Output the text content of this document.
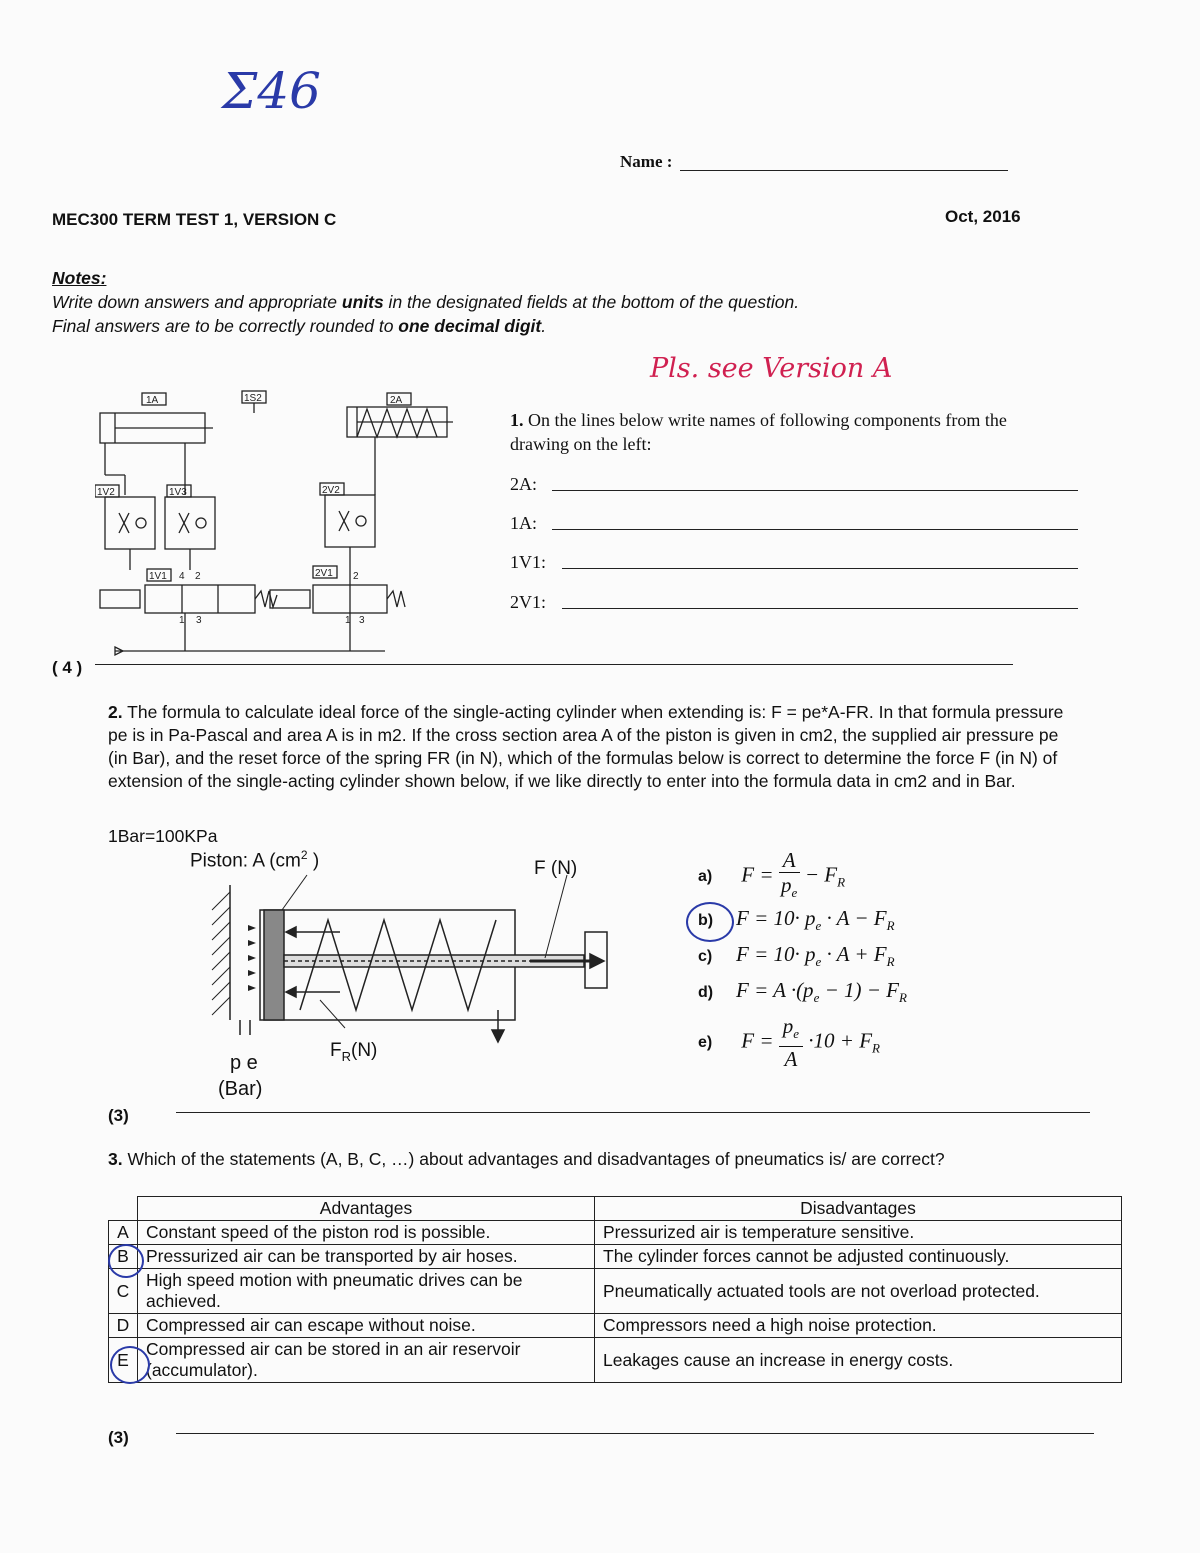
Σ46
Pls. see Version A
Name :
MEC300 TERM TEST 1, VERSION C	Oct, 2016
Notes:
Write down answers and appropriate units in the designated fields at the bottom of the question.
Final answers are to be correctly rounded to one decimal digit.
1A	1S2	2A
1V2	1V3	2V2
1V1	2V1
4 2	2
1 3	1 3
1. On the lines below write names of following components from the drawing on the left:
2A:
1A:
1V1:
2V1:
( 4 )
2. The formula to calculate ideal force of the single-acting cylinder when extending is: F = pe*A-FR. In that formula pressure pe is in Pa-Pascal and area A is in m2. If the cross section area A of the piston is given in cm2, the supplied air pressure pe (in Bar), and the reset force of the spring FR (in N), which of the formulas below is correct to determine the force F (in N) of extension of the single-acting cylinder shown below, if we like directly to enter into the formula data in cm2 and in Bar.
1Bar=100KPa
Piston: A ($cm^2$ )	F (N)
p e
(Bar)
$F_R(N)$
a) $F = \frac{A}{p_e} - F_R$
b) $F = 10\cdot p_e \cdot A - F_R$
c) $F = 10\cdot p_e \cdot A + F_R$
d) $F = A \cdot(p_e - 1) - F_R$
e) $F = \frac{p_e}{A} \cdot 10 + F_R$
(3)
3. Which of the statements (A, B, C, …) about advantages and disadvantages of pneumatics is/ are correct?
	Advantages	Disadvantages
A	Constant speed of the piston rod is possible.	Pressurized air is temperature sensitive.
B	Pressurized air can be transported by air hoses.	The cylinder forces cannot be adjusted continuously.
C	High speed motion with pneumatic drives can be achieved.	Pneumatically actuated tools are not overload protected.
D	Compressed air can escape without noise.	Compressors need a high noise protection.
E	Compressed air can be stored in an air reservoir (accumulator).	Leakages cause an increase in energy costs.
(3)
